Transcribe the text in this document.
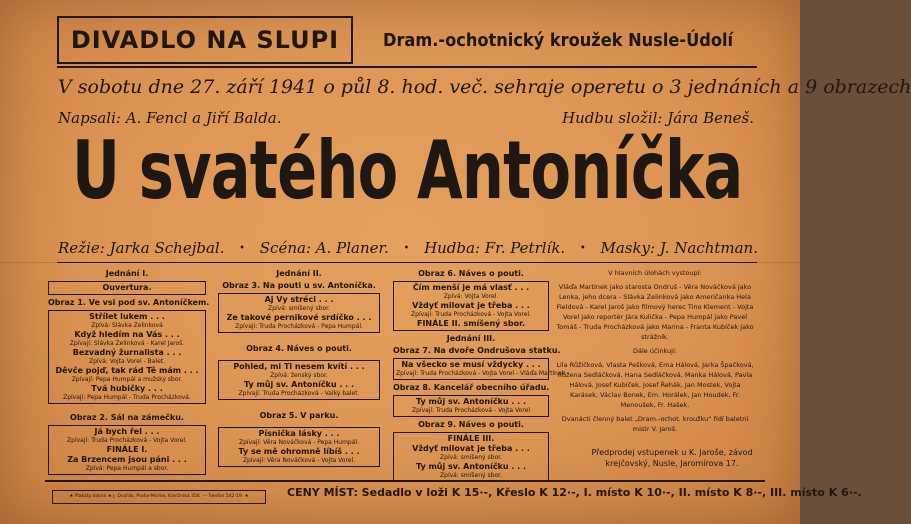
DIVADLO NA SLUPI Dram.-ochotnický kroužek Nusle-Údolí
V sobotu dne 27. září 1941 o půl 8. hod. več. sehraje operetu o 3 jednáních a 9 obrazech
Napsali: A. Fencl a Jiří Balda.	Hudbu složil: Jára Beneš.
U svatého Antoníčka
Režie: Jarka Schejbal. • Scéna: A. Planer. • Hudba: Fr. Petrlík. • Masky: J. Nachtman.
Jednání I.
Ouvertura.
Obraz 1. Ve vsi pod sv. Antoníčkem.
Střílet lukem . . .
Zpívá: Slávka Zelinková
Když hledím na Vás . . .
Zpívají: Slávka Zelinková - Karel Jaroš.
Bezvadný žurnalista . . .
Zpívá: Vojta Vorel - Balet.
Děvče pojď, tak rád Tě mám . . .
Zpívají: Pepa Humpál a mužský sbor.
Tvá hubičky . . .
Zpívají: Pepa Humpál - Truda Procházková.
Obraz 2. Sál na zámečku.
Já bych řel . . .
Zpívají: Truda Procházková - Vojta Vorel.
FINÁLE I.
Za Brzencem jsou páni . . .
Zpívá: Pepa Humpál a sbor.
Jednání II.
Obraz 3. Na pouti u sv. Antoníčka.
Aj Vy stréci . . .
Zpívá: smíšený sbor.
Ze takové pernikové srdíčko . . .
Zpívají: Truda Procházková - Pepa Humpál.
Obraz 4. Náves o pouti.
Pohled, mi Ti nesem kvítí . . .
Zpívá: ženský sbor.
Ty můj sv. Antoníčku . . .
Zpívají: Truda Procházková - Valký balet.
Obraz 5. V parku.
Písnička lásky . . .
Zpívají: Věra Nováčková - Pepa Humpál.
Ty se mě ohromně líbíš . . .
Zpívají: Věra Nováčková - Vojta Vorel.
Obraz 6. Náves o pouti.
Čím menší je má vlasť . . .
Zpívá: Vojta Vorel.
Vždyť milovat je třeba . . .
Zpívají: Truda Procházková - Vojta Vorel.
FINÁLE II. smíšený sbor.
Jednání III.
Obraz 7. Na dvoře Ondrušova statku.
Na všecko se musí vždycky . . .
Zpívají: Truda Procházková - Vojta Vorel - Vláďa Martínek
Obraz 8. Kancelář obecního úřadu.
Ty můj sv. Antoníčku . . .
Zpívají: Truda Procházková - Vojta Vorel
Obraz 9. Náves o pouti.
FINÁLE III.
Vždyť milovat je třeba . . .
Zpívá: smíšený sbor.
Ty můj sv. Antoníčku . . .
Zpívá: smíšený sbor.

V hlavních úlohách vystoupí:

Vláďa Martínek jako starosta Ondruš - Věra Nováčková jako Lenka, jeho dcera - Slávka Zelinková jako Američanka Hela Fieldová - Karel Jaroš jako filmový herec Tino Klement - Vojta Vorel jako reportér Jára Kulička - Pepa Humpál jako Pavel Tomáš - Truda Procházková jako Marina - Franta Kubíček jako strážník.

Dále účinkují:

Lila Růžičková, Vlasta Pešková, Ema Hálová, Jarka Špačková, Růžena Sedláčková, Hana Sedláčková, Manka Hálová, Pavla Hálová, Josef Kubíček, Josef Řehák, Jan Mostek, Vojta Karásek, Václav Bonek, Em. Horálek, Jan Houdek, Fr. Menoušek, Fr. Hašek.

Dvanácti členný balet „Dram.-ochot. kroužku" řídí baletní mistr V. Jaroš.

Předprodej vstupenek u K. Jaroše, závod krejčovský, Nusle, Jaromírova 17.
★ Plakáty tiskne ★ J. Dvořák, Praha-Michle, Kavčírská 356. — Telefon 542-19. ★	CENY MÍST: Sedadlo v loži K 15·-, Křeslo K 12·-, I. místo K 10·-, II. místo K 8·-, III. místo K 6·-.
